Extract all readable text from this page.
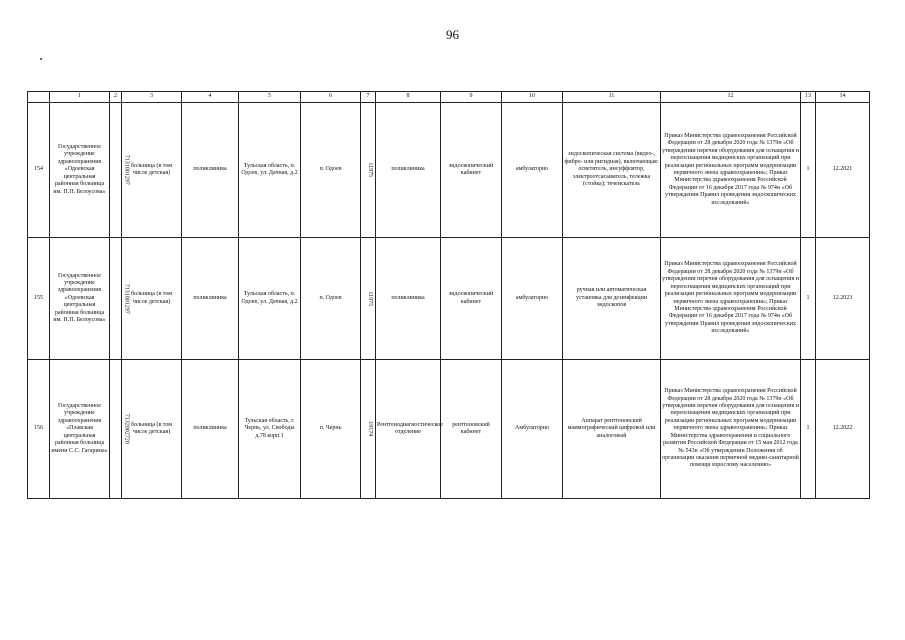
96
	1	2	3	4	5	6	7	8	9	10	11	12	13	14
154	Государственное учреждение здравоохранения «Одоевская центральная районная больница им. П.П. Белоусова»	7131001297	больница (в том числе детская)	поликлиника	Тульская область, п. Одоев, ул. Дачная, д.2	п. Одоев	11975	поликлиника	эндоскопический кабинет	амбулаторно	эндоскопическая система (видео-, фибро- или ригидная), включающая: осветитель, инсуффлятор, электроотсасыватель, тележка (стойка); течеискатель	Приказ Министерства здравоохранения Российской Федерации от 28 декабря 2020 года № 1379н «Об утверждении перечня оборудования для оснащения и переоснащения медицинских организаций при реализации региональных программ модернизации первичного звена здравоохранения»; Приказ Министерства здравоохранения Российской Федерации от 16 декабря 2017 года № 974н «Об утверждении Правил проведения эндоскопических исследований»	1	12.2021
155	Государственное учреждение здравоохранения «Одоевская центральная районная больница им. П.П. Белоусова»	7131001297	больница (в том числе детская)	поликлиника	Тульская область, п. Одоев, ул. Дачная, д.2	п. Одоев	11975	поликлиника	эндоскопический кабинет	амбулаторно	ручная или автоматическая установка для дезинфекции эндоскопов	Приказ Министерства здравоохранения Российской Федерации от 28 декабря 2020 года № 1379н «Об утверждении перечня оборудования для оснащения и переоснащения медицинских организаций при реализации региональных программ модернизации первичного звена здравоохранения»; Приказ Министерства здравоохранения Российской Федерации от 16 декабря 2017 года № 974н «Об утверждении Правил проведения эндоскопических исследований»	1	12.2023
156	Государственное учреждение здравоохранения «Плавская центральная районная больница имени С.С. Гагарина»	7132002720	больница (в том числе детская)	поликлиника	Тульская область, г. Чернь, ул. Свободы д.78 корп.1	п. Чернь	19174	Рентгенодиагностическое отделение	рентгеновский кабинет	Амбулаторно	Аппарат рентгеновский маммографический цифровой или аналоговый	Приказ Министерства здравоохранения Российской Федерации от 28 декабря 2020 года № 1379н «Об утверждении перечня оборудования для оснащения и переоснащения медицинских организаций при реализации региональных программ модернизации первичного звена здравоохранения»; Приказ Министерства здравоохранения и социального развития Российской Федерации от 15 мая 2012 года № 543н «Об утверждении Положения об организации оказания первичной медико-санитарной помощи взрослому населению»	1	12.2022
